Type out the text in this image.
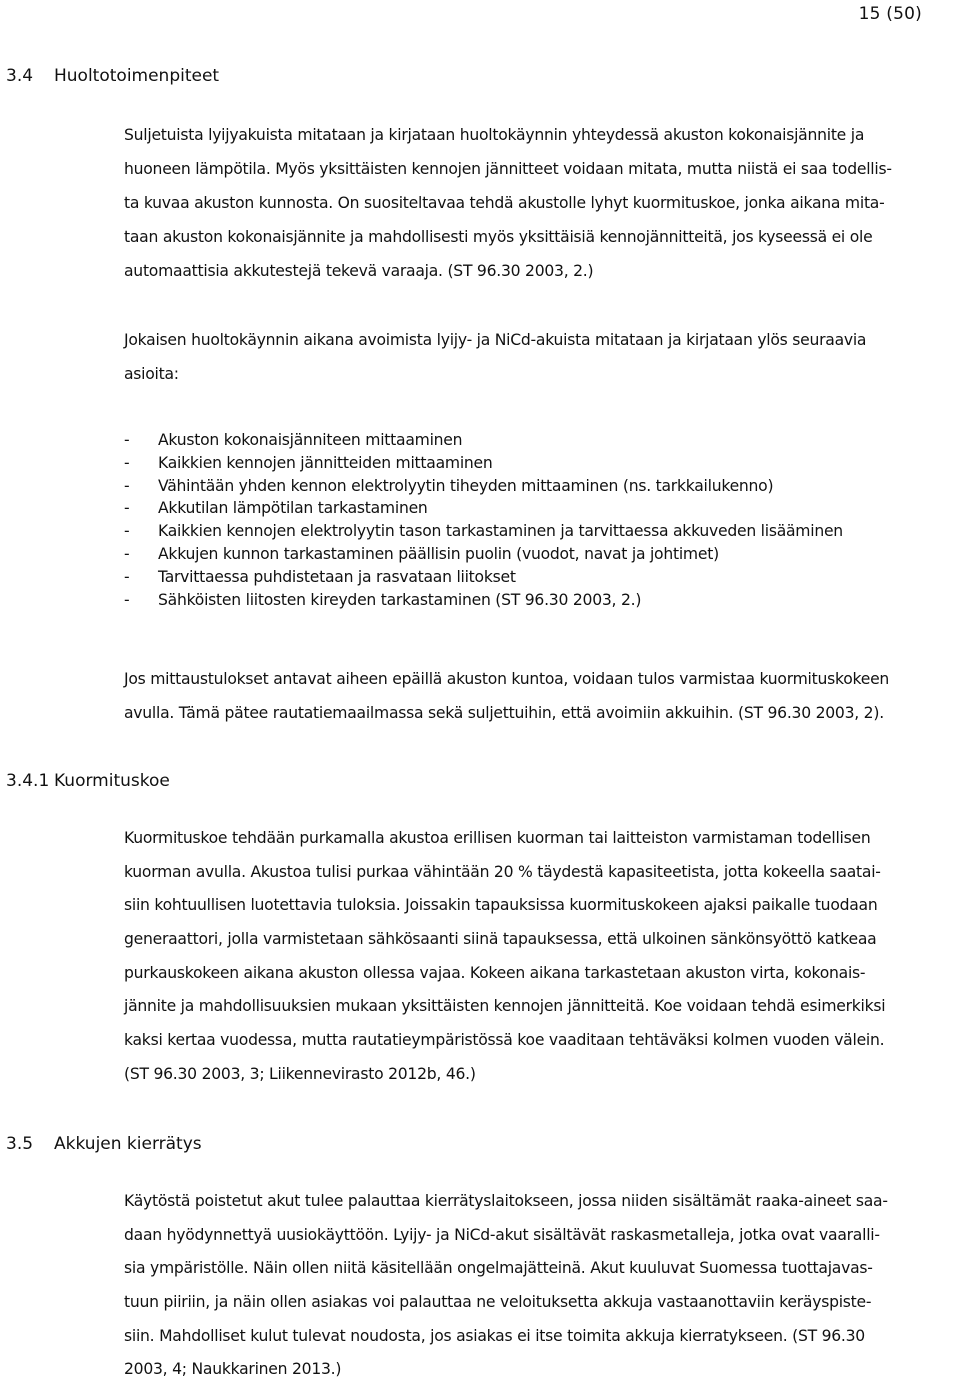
15 (50)
3.4 Huoltotoimenpiteet
Suljetuista lyijyakuista mitataan ja kirjataan huoltokäynnin yhteydessä akuston kokonaisjännite ja
huoneen lämpötila. Myös yksittäisten kennojen jännitteet voidaan mitata, mutta niistä ei saa todellis-
ta kuvaa akuston kunnosta. On suositeltavaa tehdä akustolle lyhyt kuormituskoe, jonka aikana mita-
taan akuston kokonaisjännite ja mahdollisesti myös yksittäisiä kennojännitteitä, jos kyseessä ei ole
automaattisia akkutestejä tekevä varaaja. (ST 96.30 2003, 2.)
Jokaisen huoltokäynnin aikana avoimista lyijy- ja NiCd-akuista mitataan ja kirjataan ylös seuraavia
asioita:
-	Akuston kokonaisjänniteen mittaaminen
-	Kaikkien kennojen jännitteiden mittaaminen
-	Vähintään yhden kennon elektrolyytin tiheyden mittaaminen (ns. tarkkailukenno)
-	Akkutilan lämpötilan tarkastaminen
-	Kaikkien kennojen elektrolyytin tason tarkastaminen ja tarvittaessa akkuveden lisääminen
-	Akkujen kunnon tarkastaminen päällisin puolin (vuodot, navat ja johtimet)
-	Tarvittaessa puhdistetaan ja rasvataan liitokset
-	Sähköisten liitosten kireyden tarkastaminen (ST 96.30 2003, 2.)
Jos mittaustulokset antavat aiheen epäillä akuston kuntoa, voidaan tulos varmistaa kuormituskokeen
avulla. Tämä pätee rautatiemaailmassa sekä suljettuihin, että avoimiin akkuihin. (ST 96.30 2003, 2).
3.4.1 Kuormituskoe
Kuormituskoe tehdään purkamalla akustoa erillisen kuorman tai laitteiston varmistaman todellisen
kuorman avulla. Akustoa tulisi purkaa vähintään 20 % täydestä kapasiteetista, jotta kokeella saatai-
siin kohtuullisen luotettavia tuloksia. Joissakin tapauksissa kuormituskokeen ajaksi paikalle tuodaan
generaattori, jolla varmistetaan sähkösaanti siinä tapauksessa, että ulkoinen sänkönsyöttö katkeaa
purkauskokeen aikana akuston ollessa vajaa. Kokeen aikana tarkastetaan akuston virta, kokonais-
jännite ja mahdollisuuksien mukaan yksittäisten kennojen jännitteitä. Koe voidaan tehdä esimerkiksi
kaksi kertaa vuodessa, mutta rautatieympäristössä koe vaaditaan tehtäväksi kolmen vuoden välein.
(ST 96.30 2003, 3; Liikennevirasto 2012b, 46.)
3.5 Akkujen kierrätys
Käytöstä poistetut akut tulee palauttaa kierrätyslaitokseen, jossa niiden sisältämät raaka-aineet saa-
daan hyödynnettyä uusiokäyttöön. Lyijy- ja NiCd-akut sisältävät raskasmetalleja, jotka ovat vaaralli-
sia ympäristölle. Näin ollen niitä käsitellään ongelmajätteinä. Akut kuuluvat Suomessa tuottajavas-
tuun piiriin, ja näin ollen asiakas voi palauttaa ne veloituksetta akkuja vastaanottaviin keräyspiste-
siin. Mahdolliset kulut tulevat noudosta, jos asiakas ei itse toimita akkuja kierratykseen. (ST 96.30
2003, 4; Naukkarinen 2013.)
